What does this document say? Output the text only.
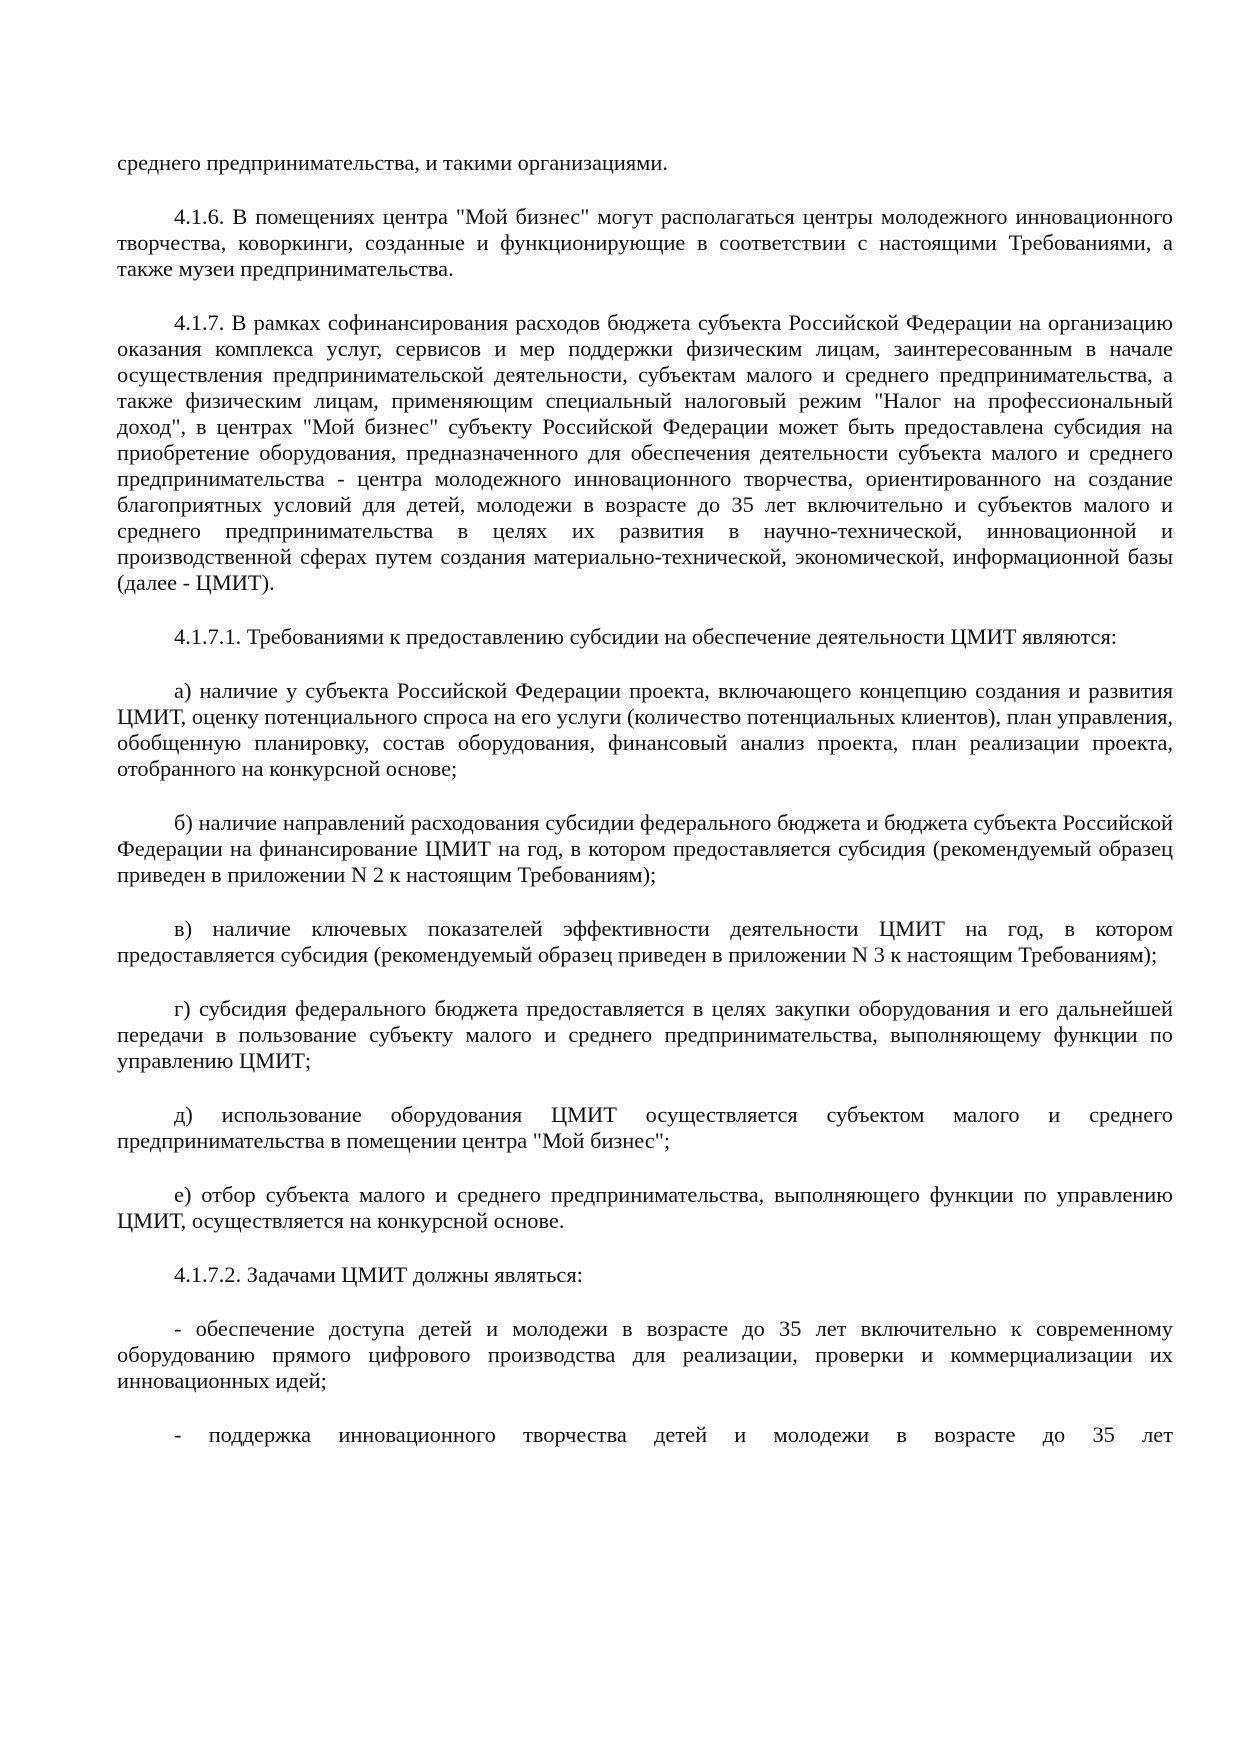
среднего предпринимательства, и такими организациями.

4.1.6. В помещениях центра "Мой бизнес" могут располагаться центры молодежного инновационного творчества, коворкинги, созданные и функционирующие в соответствии с настоящими Требованиями, а также музеи предпринимательства.

4.1.7. В рамках софинансирования расходов бюджета субъекта Российской Федерации на организацию оказания комплекса услуг, сервисов и мер поддержки физическим лицам, заинтересованным в начале осуществления предпринимательской деятельности, субъектам малого и среднего предпринимательства, а также физическим лицам, применяющим специальный налоговый режим "Налог на профессиональный доход", в центрах "Мой бизнес" субъекту Российской Федерации может быть предоставлена субсидия на приобретение оборудования, предназначенного для обеспечения деятельности субъекта малого и среднего предпринимательства - центра молодежного инновационного творчества, ориентированного на создание благоприятных условий для детей, молодежи в возрасте до 35 лет включительно и субъектов малого и среднего предпринимательства в целях их развития в научно-технической, инновационной и производственной сферах путем создания материально-технической, экономической, информационной базы (далее - ЦМИТ).

4.1.7.1. Требованиями к предоставлению субсидии на обеспечение деятельности ЦМИТ являются:

а) наличие у субъекта Российской Федерации проекта, включающего концепцию создания и развития ЦМИТ, оценку потенциального спроса на его услуги (количество потенциальных клиентов), план управления, обобщенную планировку, состав оборудования, финансовый анализ проекта, план реализации проекта, отобранного на конкурсной основе;

б) наличие направлений расходования субсидии федерального бюджета и бюджета субъекта Российской Федерации на финансирование ЦМИТ на год, в котором предоставляется субсидия (рекомендуемый образец приведен в приложении N 2 к настоящим Требованиям);

в) наличие ключевых показателей эффективности деятельности ЦМИТ на год, в котором предоставляется субсидия (рекомендуемый образец приведен в приложении N 3 к настоящим Требованиям);

г) субсидия федерального бюджета предоставляется в целях закупки оборудования и его дальнейшей передачи в пользование субъекту малого и среднего предпринимательства, выполняющему функции по управлению ЦМИТ;

д) использование оборудования ЦМИТ осуществляется субъектом малого и среднего предпринимательства в помещении центра "Мой бизнес";

е) отбор субъекта малого и среднего предпринимательства, выполняющего функции по управлению ЦМИТ, осуществляется на конкурсной основе.

4.1.7.2. Задачами ЦМИТ должны являться:

- обеспечение доступа детей и молодежи в возрасте до 35 лет включительно к современному оборудованию прямого цифрового производства для реализации, проверки и коммерциализации их инновационных идей;

- поддержка инновационного творчества детей и молодежи в возрасте до 35 лет
